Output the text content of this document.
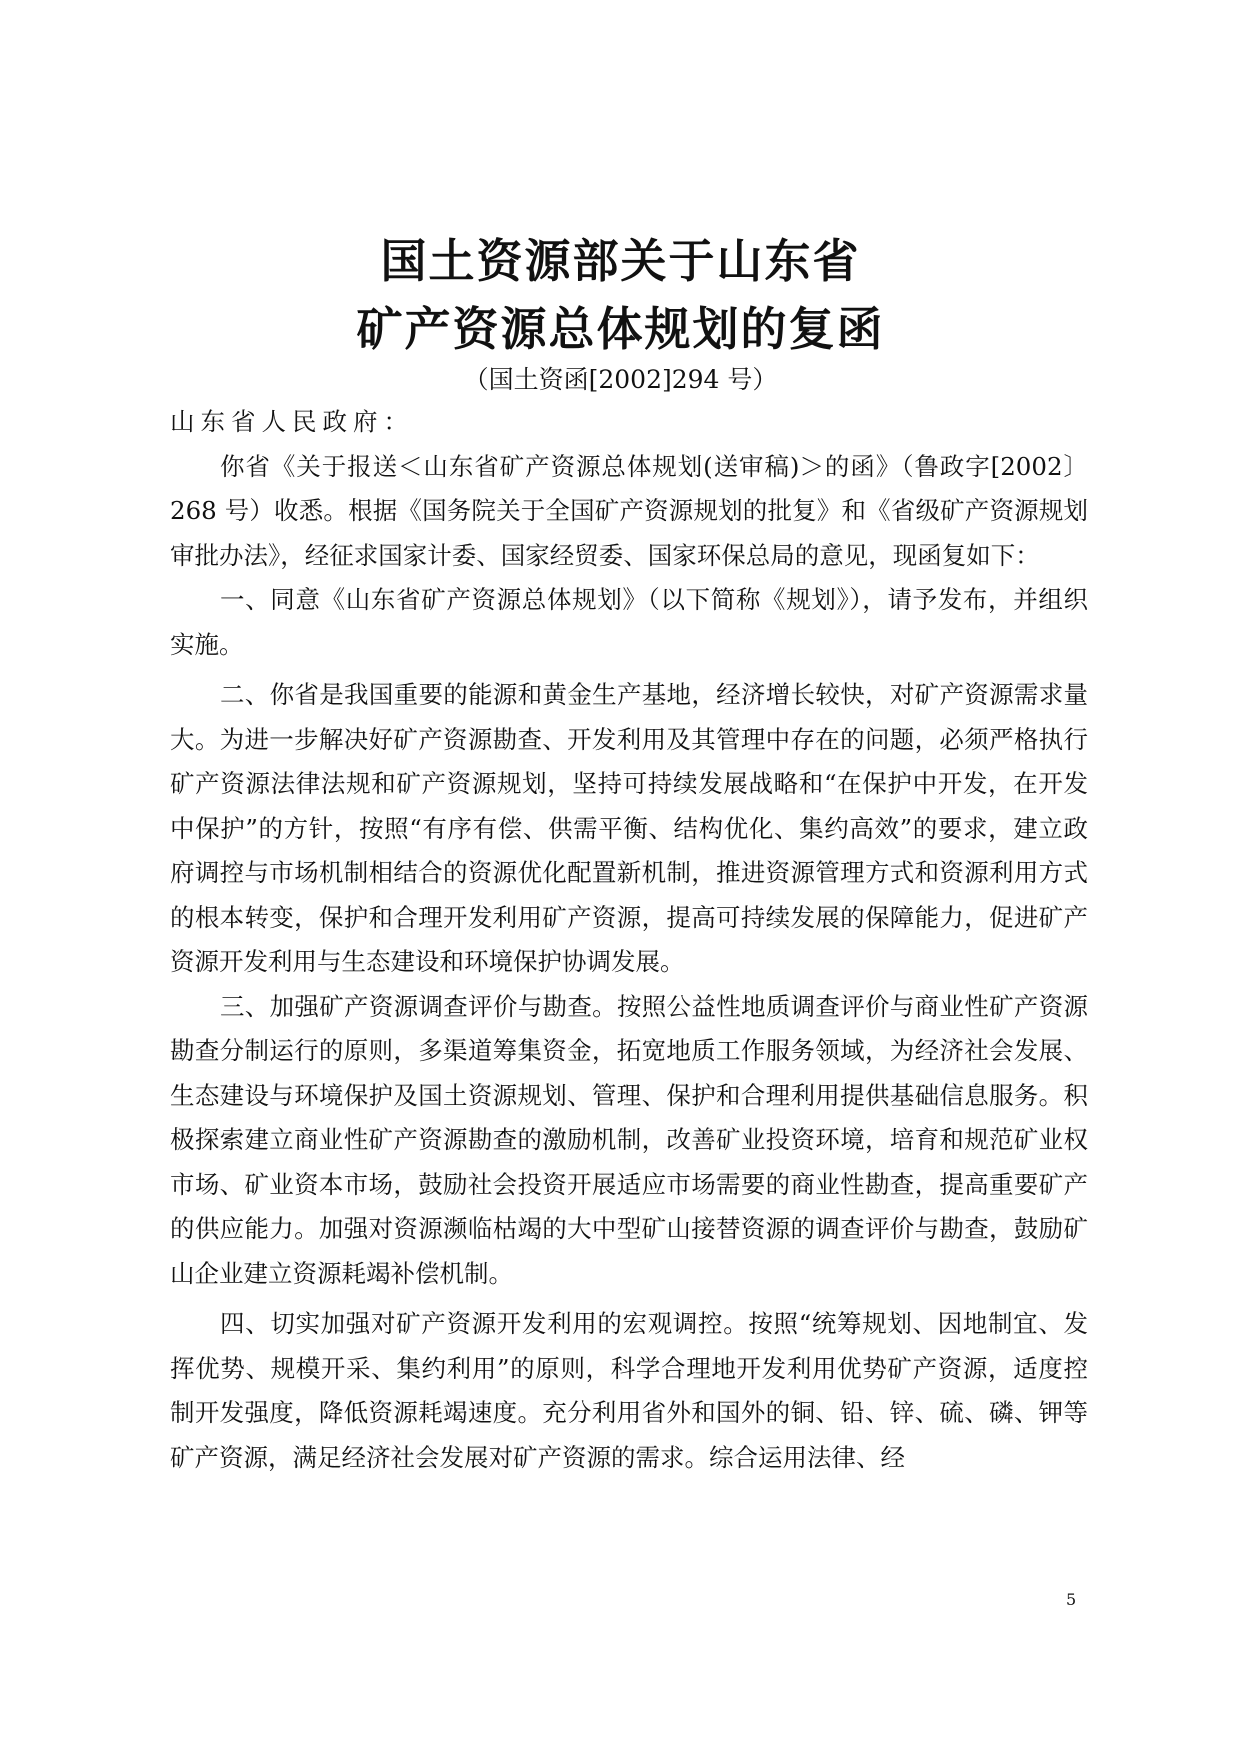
国土资源部关于山东省
矿产资源总体规划的复函

（国土资函[2002]294 号）

山东省人民政府：

你省《关于报送＜山东省矿产资源总体规划(送审稿)＞的函》（鲁政字[2002〕268 号）收悉。根据《国务院关于全国矿产资源规划的批复》和《省级矿产资源规划审批办法》，经征求国家计委、国家经贸委、国家环保总局的意见，现函复如下：

一、同意《山东省矿产资源总体规划》（以下简称《规划》），请予发布，并组织实施。

二、你省是我国重要的能源和黄金生产基地，经济增长较快，对矿产资源需求量大。为进一步解决好矿产资源勘查、开发利用及其管理中存在的问题，必须严格执行矿产资源法律法规和矿产资源规划，坚持可持续发展战略和“在保护中开发，在开发中保护”的方针，按照“有序有偿、供需平衡、结构优化、集约高效”的要求，建立政府调控与市场机制相结合的资源优化配置新机制，推进资源管理方式和资源利用方式的根本转变，保护和合理开发利用矿产资源，提高可持续发展的保障能力，促进矿产资源开发利用与生态建设和环境保护协调发展。

三、加强矿产资源调查评价与勘查。按照公益性地质调查评价与商业性矿产资源勘查分制运行的原则，多渠道筹集资金，拓宽地质工作服务领域，为经济社会发展、生态建设与环境保护及国土资源规划、管理、保护和合理利用提供基础信息服务。积极探索建立商业性矿产资源勘查的激励机制，改善矿业投资环境，培育和规范矿业权市场、矿业资本市场，鼓励社会投资开展适应市场需要的商业性勘查，提高重要矿产的供应能力。加强对资源濒临枯竭的大中型矿山接替资源的调查评价与勘查，鼓励矿山企业建立资源耗竭补偿机制。

四、切实加强对矿产资源开发利用的宏观调控。按照“统筹规划、因地制宜、发挥优势、规模开采、集约利用”的原则，科学合理地开发利用优势矿产资源，适度控制开发强度，降低资源耗竭速度。充分利用省外和国外的铜、铅、锌、硫、磷、钾等矿产资源，满足经济社会发展对矿产资源的需求。综合运用法律、经

5
